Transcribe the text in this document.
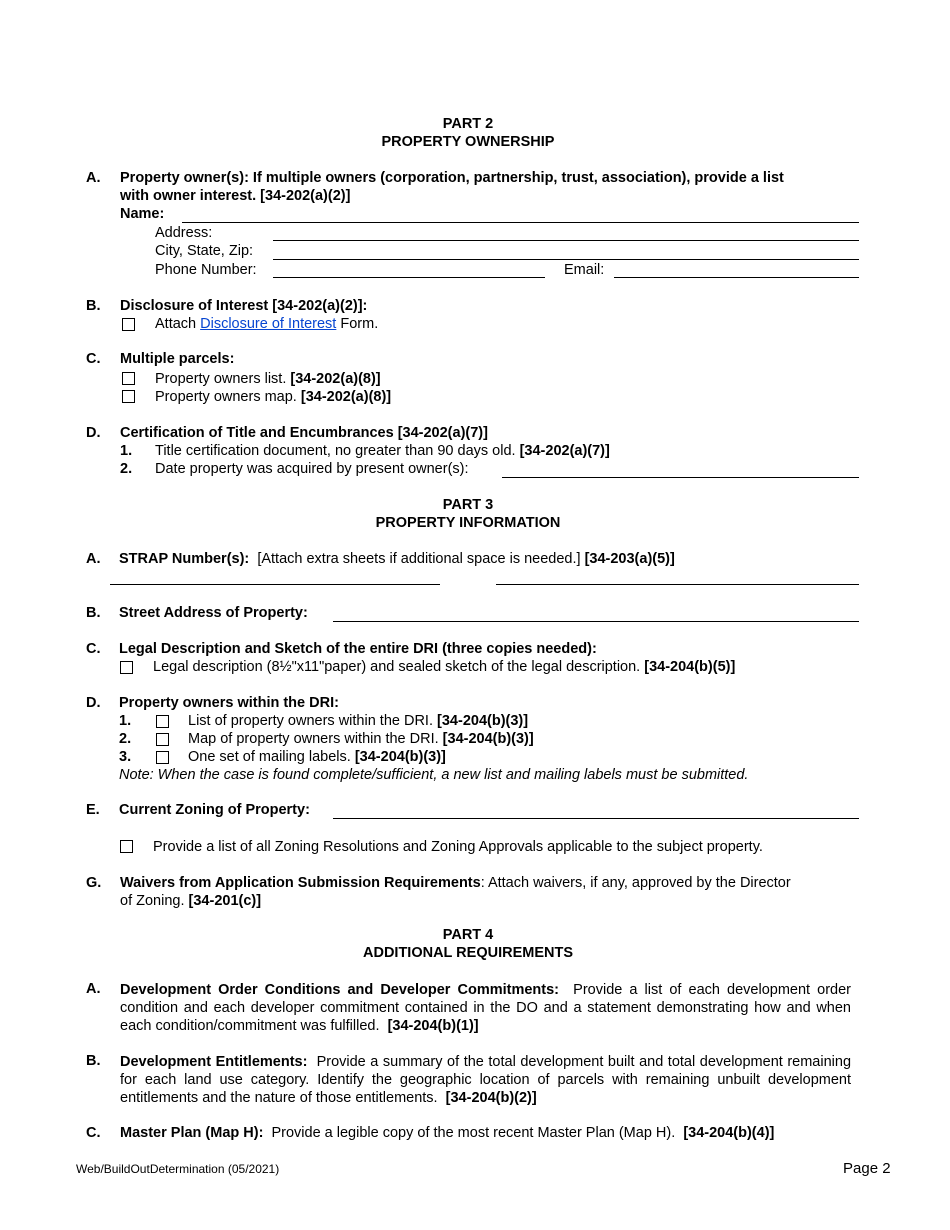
PART 2
PROPERTY OWNERSHIP
A. Property owner(s): If multiple owners (corporation, partnership, trust, association), provide a list
with owner interest. [34-202(a)(2)]
Name:
Address:
City, State, Zip:
Phone Number:	Email:
B. Disclosure of Interest [34-202(a)(2)]:
Attach Disclosure of Interest Form.
C. Multiple parcels:
Property owners list. [34-202(a)(8)]
Property owners map. [34-202(a)(8)]
D. Certification of Title and Encumbrances [34-202(a)(7)]
1. Title certification document, no greater than 90 days old. [34-202(a)(7)]
2. Date property was acquired by present owner(s):
PART 3
PROPERTY INFORMATION
A. STRAP Number(s): [Attach extra sheets if additional space is needed.] [34-203(a)(5)]
B. Street Address of Property:
C. Legal Description and Sketch of the entire DRI (three copies needed):
Legal description (8½"x11"paper) and sealed sketch of the legal description. [34-204(b)(5)]
D. Property owners within the DRI:
1.	List of property owners within the DRI. [34-204(b)(3)]
2.	Map of property owners within the DRI. [34-204(b)(3)]
3.	One set of mailing labels. [34-204(b)(3)]
Note: When the case is found complete/sufficient, a new list and mailing labels must be submitted.
E. Current Zoning of Property:
Provide a list of all Zoning Resolutions and Zoning Approvals applicable to the subject property.
G. Waivers from Application Submission Requirements: Attach waivers, if any, approved by the Director
of Zoning. [34-201(c)]
PART 4
ADDITIONAL REQUIREMENTS
A. Development Order Conditions and Developer Commitments: Provide a list of each development order condition and each developer commitment contained in the DO and a statement demonstrating how and when each condition/commitment was fulfilled. [34-204(b)(1)]
B. Development Entitlements: Provide a summary of the total development built and total development remaining for each land use category. Identify the geographic location of parcels with remaining unbuilt development entitlements and the nature of those entitlements. [34-204(b)(2)]
C. Master Plan (Map H): Provide a legible copy of the most recent Master Plan (Map H). [34-204(b)(4)]
Web/BuildOutDetermination (05/2021)	Page 2
